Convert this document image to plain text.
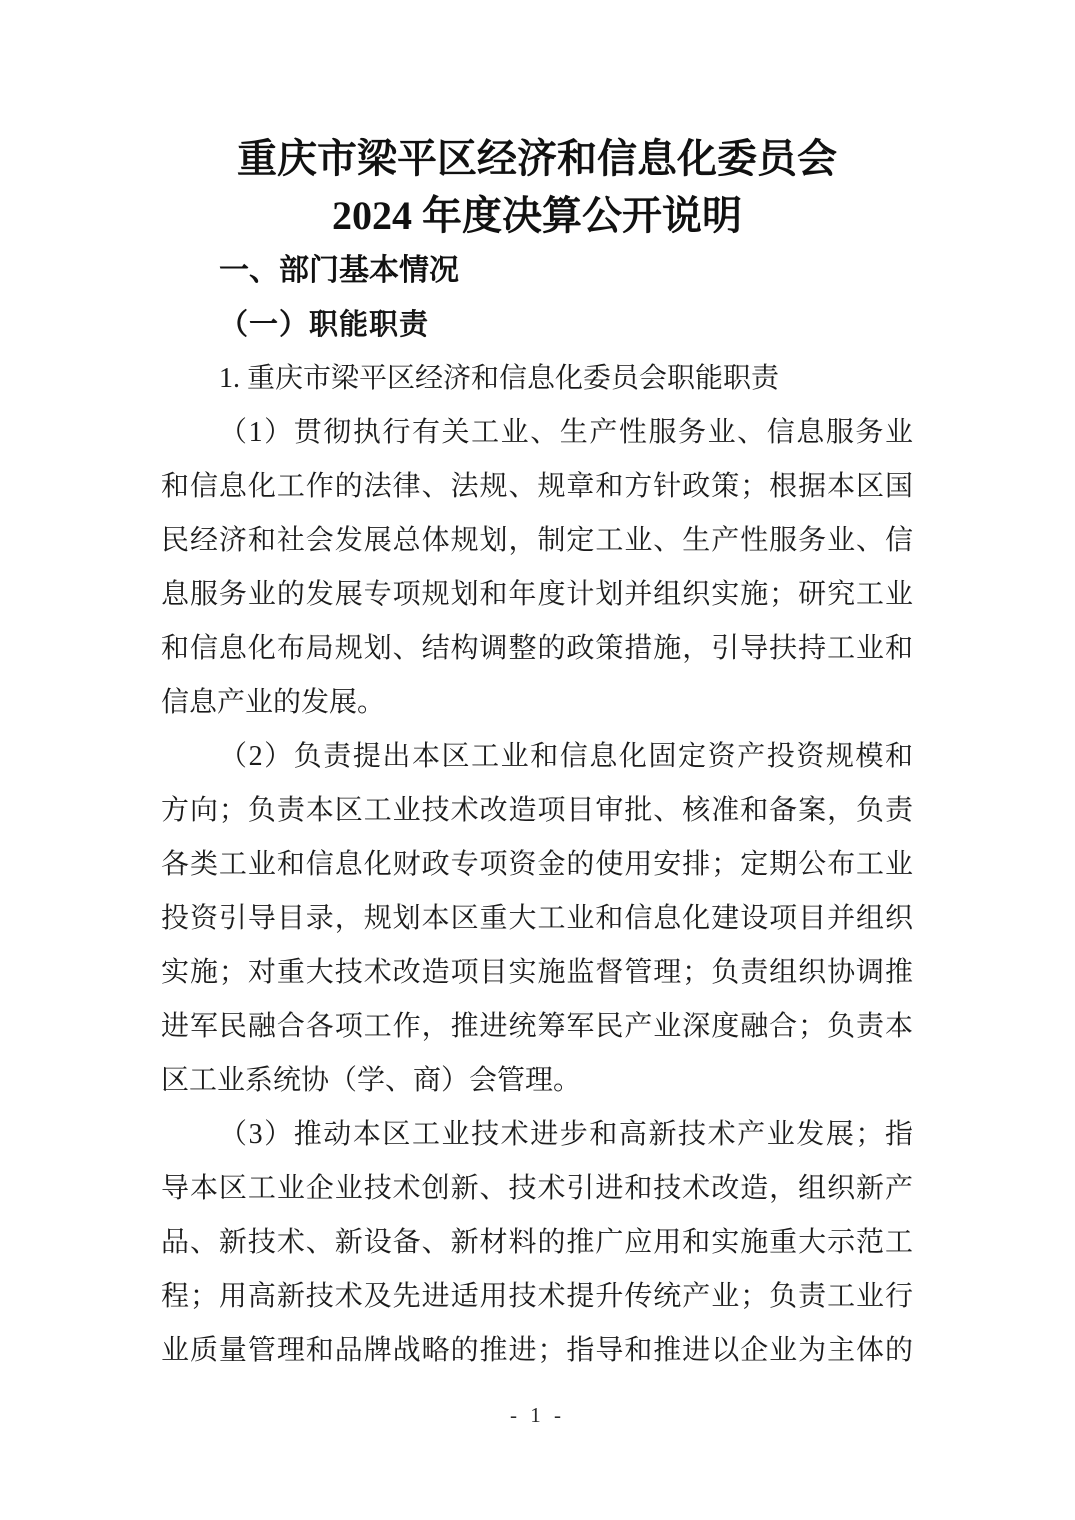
重庆市梁平区经济和信息化委员会
2024 年度决算公开说明
一、部门基本情况
（一）职能职责

1. 重庆市梁平区经济和信息化委员会职能职责

（1）贯彻执行有关工业、生产性服务业、信息服务业
和信息化工作的法律、法规、规章和方针政策；根据本区国
民经济和社会发展总体规划，制定工业、生产性服务业、信
息服务业的发展专项规划和年度计划并组织实施；研究工业
和信息化布局规划、结构调整的政策措施，引导扶持工业和
信息产业的发展。

（2）负责提出本区工业和信息化固定资产投资规模和
方向；负责本区工业技术改造项目审批、核准和备案，负责
各类工业和信息化财政专项资金的使用安排；定期公布工业
投资引导目录，规划本区重大工业和信息化建设项目并组织
实施；对重大技术改造项目实施监督管理；负责组织协调推
进军民融合各项工作，推进统筹军民产业深度融合；负责本
区工业系统协（学、商）会管理。

（3）推动本区工业技术进步和高新技术产业发展；指
导本区工业企业技术创新、技术引进和技术改造，组织新产
品、新技术、新设备、新材料的推广应用和实施重大示范工
程；用高新技术及先进适用技术提升传统产业；负责工业行
业质量管理和品牌战略的推进；指导和推进以企业为主体的

- 1 -
